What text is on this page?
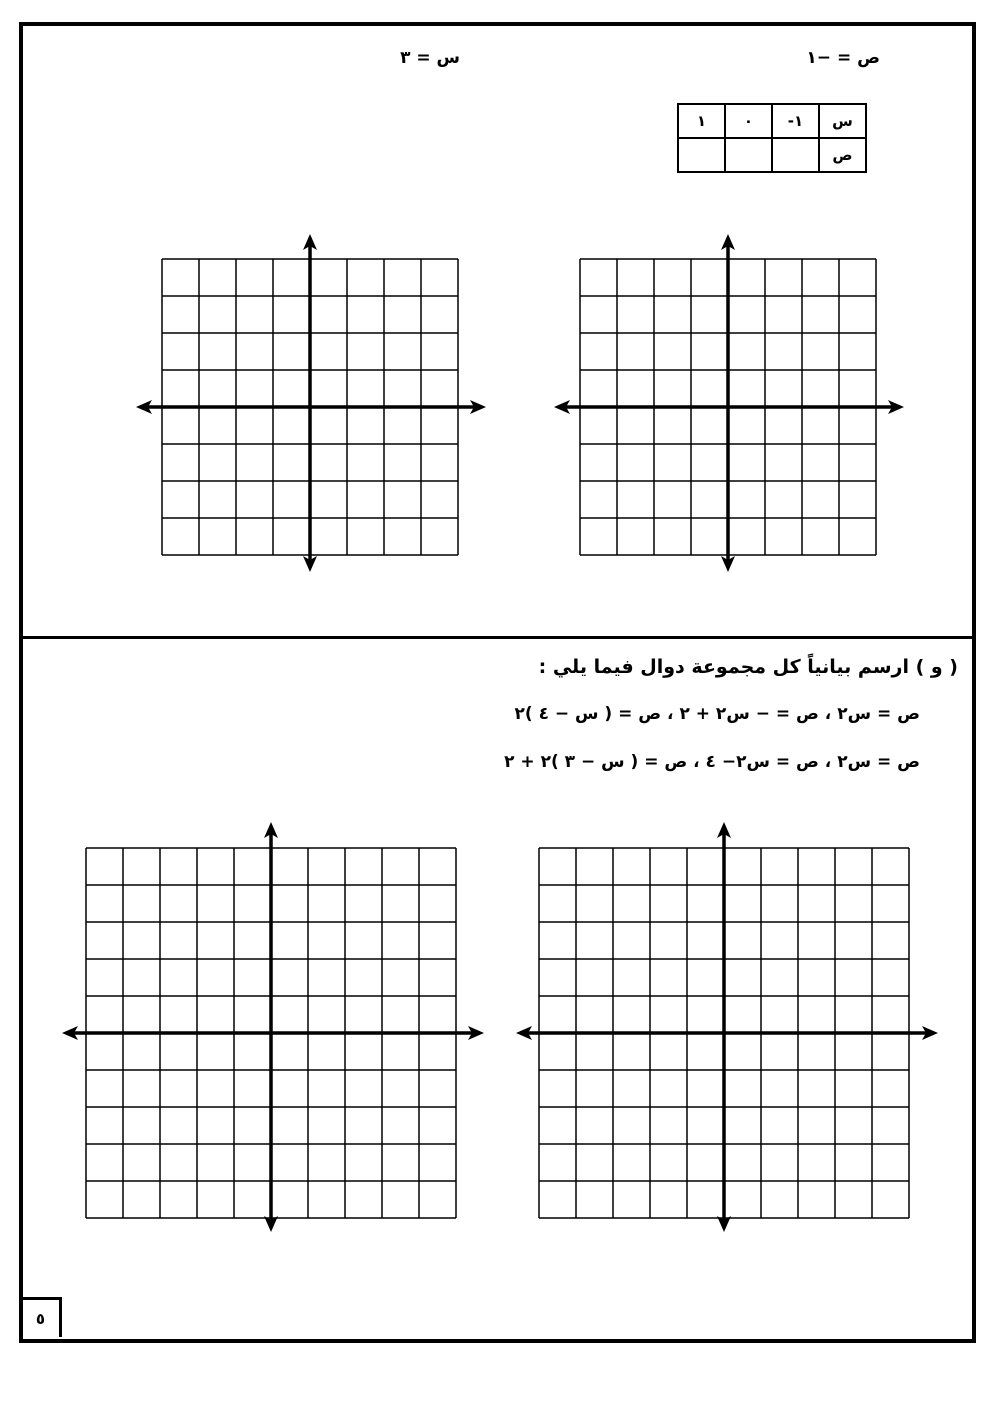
س = ٣	ص = −١
س	١-	٠	١
ص			
( و ) ارسم بيانياً كل مجموعة دوال فيما يلي :
ص = س٢ ، ص = − س٢ + ٢ ، ص = ( س − ٤ )٢
ص = س٢ ، ص = س٢− ٤ ، ص = ( س − ٣ )٢ + ٢
٥
